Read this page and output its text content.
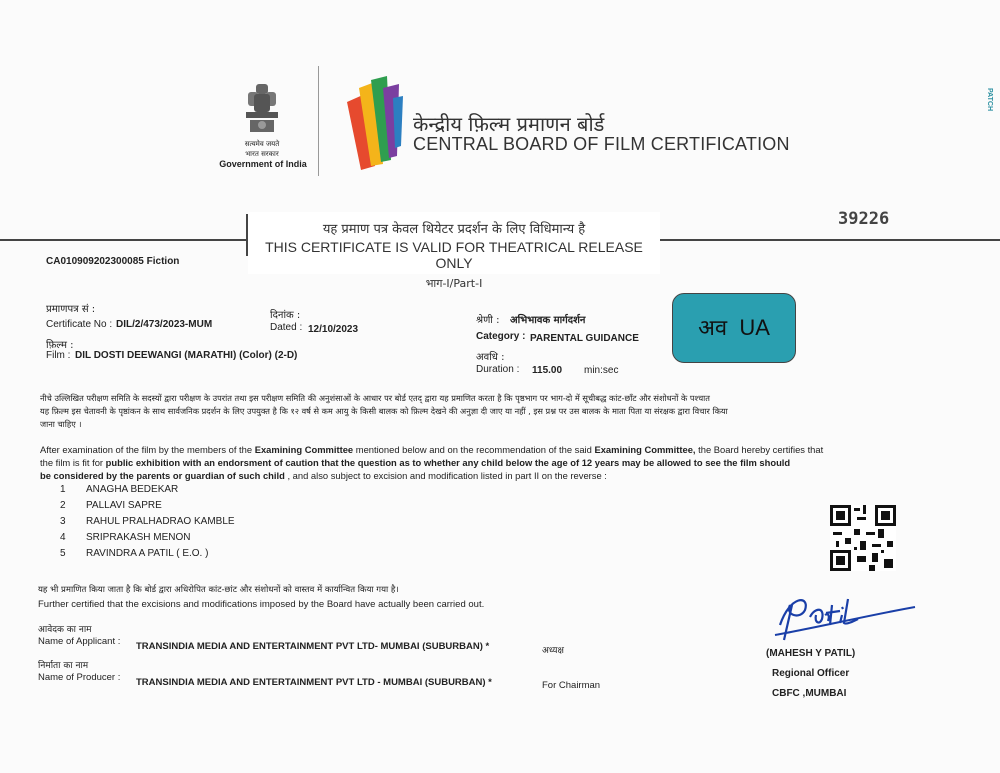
सत्यमेव जयते
भारत सरकार
Government of India
केन्द्रीय फ़िल्म प्रमाणन बोर्ड
CENTRAL BOARD OF FILM CERTIFICATION
PATCH
यह प्रमाण पत्र केवल थियेटर प्रदर्शन के लिए विधिमान्य है
THIS CERTIFICATE IS VALID FOR THEATRICAL RELEASE ONLY
भाग-I/Part-I
39226
CA010909202300085 Fiction
प्रमाणपत्र सं :
Certificate No : DIL/2/473/2023-MUM
दिनांक :
Dated : 12/10/2023
फ़िल्म :
Film : DIL DOSTI DEEWANGI (MARATHI) (Color) (2-D)
श्रेणी : अभिभावक मार्गदर्शन
Category : PARENTAL GUIDANCE
अवधि :
Duration : 115.00 min:sec
अव UA
नीचे उल्लिखित परीक्षण समिति के सदस्यों द्वारा परीक्षण के उपरांत तथा इस परीक्षण समिति की अनुशंसाओं के आधार पर बोर्ड एतद् द्वारा यह प्रमाणित करता है कि पृष्ठभाग पर भाग-दो में सूचीबद्ध कांट-छाँट और संशोधनों के पश्चात
यह फ़िल्म इस चेतावनी के पृष्ठांकन के साथ सार्वजनिक प्रदर्शन के लिए उपयुक्त है कि १२ वर्ष से कम आयु के किसी बालक को फ़िल्म देखने की अनुज्ञा दी जाए या नहीं , इस प्रश्न पर उस बालक के माता पिता या संरक्षक द्वारा विचार किया
जाना चाहिए ।
After examination of the film by the members of the Examining Committee mentioned below and on the recommendation of the said Examining Committee, the Board hereby certifies that
the film is fit for public exhibition with an endorsment of caution that the question as to whether any child below the age of 12 years may be allowed to see the film should
be considered by the parents or guardian of such child , and also subject to excision and modification listed in part II on the reverse :
1 ANAGHA BEDEKAR
2 PALLAVI SAPRE
3 RAHUL PRALHADRAO KAMBLE
4 SRIPRAKASH MENON
5 RAVINDRA A PATIL ( E.O. )
यह भी प्रमाणित किया जाता है कि बोर्ड द्वारा अधिरोपित कांट-छांट और संशोधनों को वास्तव में कार्यान्वित किया गया है।
Further certified that the excisions and modifications imposed by the Board have actually been carried out.
आवेदक का नाम
Name of Applicant : TRANSINDIA MEDIA AND ENTERTAINMENT PVT LTD- MUMBAI (SUBURBAN) *	अध्यक्ष
निर्माता का नाम
Name of Producer : TRANSINDIA MEDIA AND ENTERTAINMENT PVT LTD - MUMBAI (SUBURBAN) *	For Chairman
(MAHESH Y PATIL)
Regional Officer
CBFC ,MUMBAI
